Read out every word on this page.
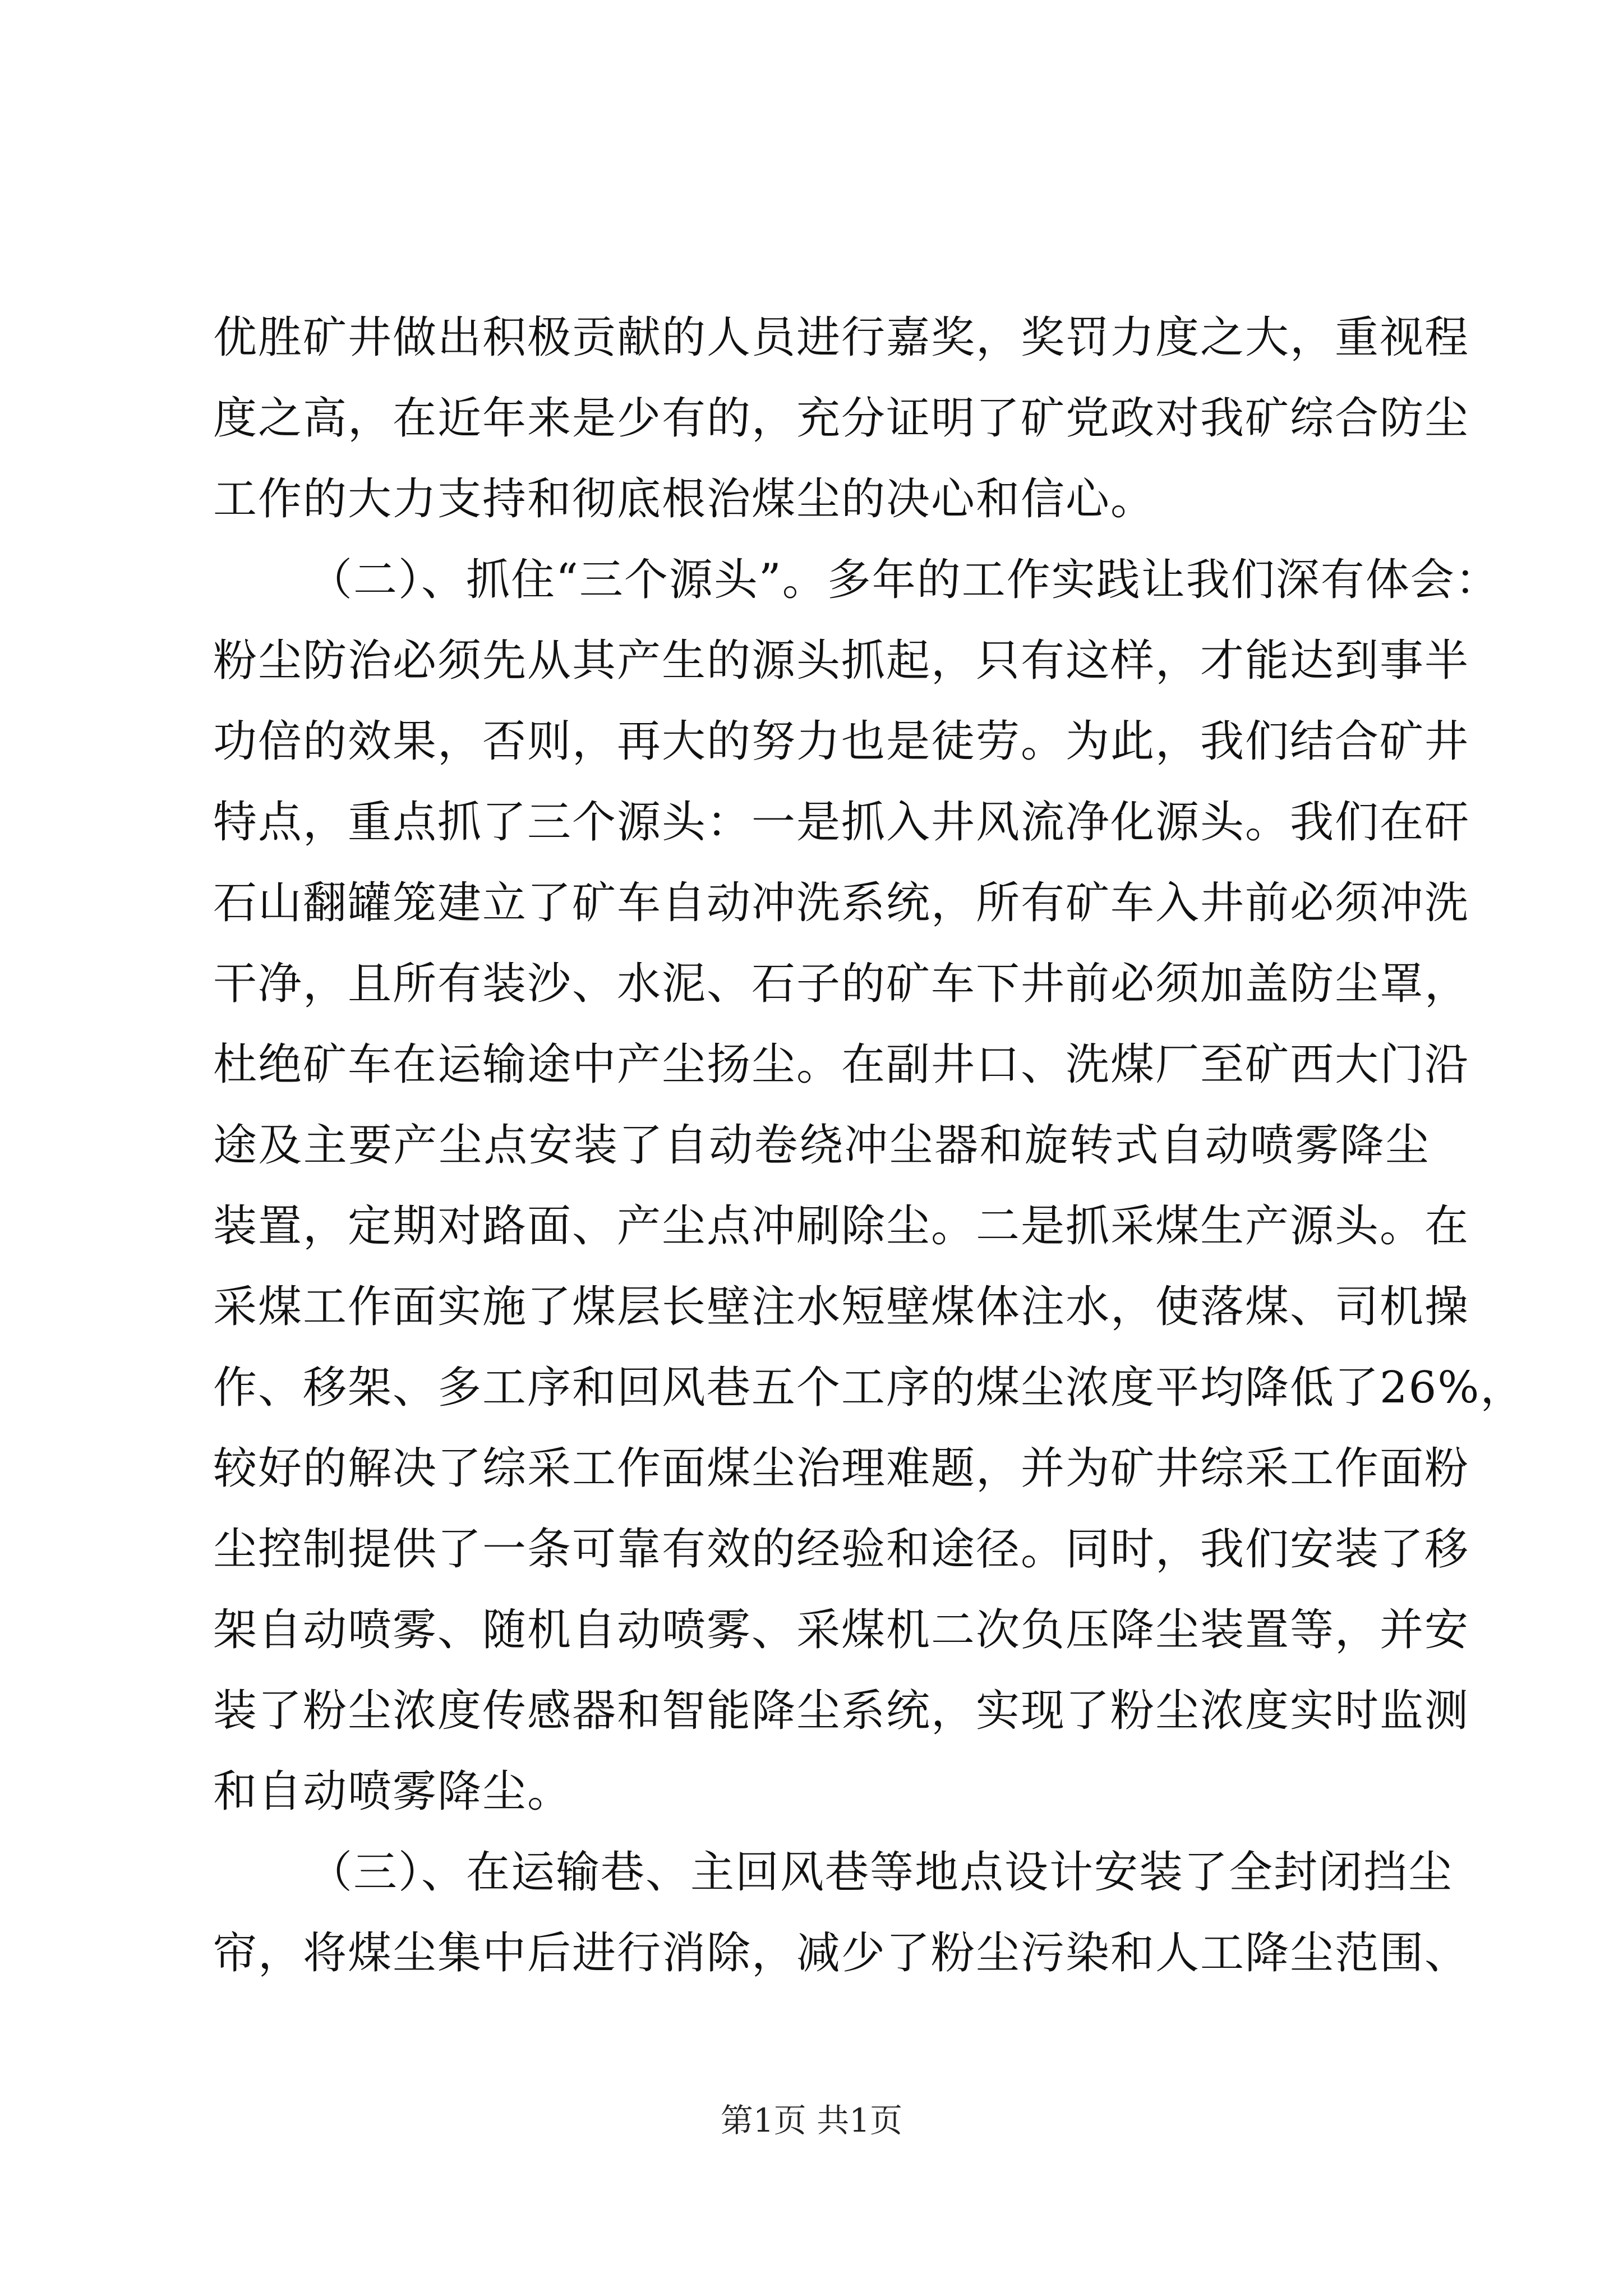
优胜矿井做出积极贡献的人员进行嘉奖，奖罚力度之大，重视程
度之高，在近年来是少有的，充分证明了矿党政对我矿综合防尘
工作的大力支持和彻底根治煤尘的决心和信心。
（二）、抓住“三个源头”。多年的工作实践让我们深有体会：
粉尘防治必须先从其产生的源头抓起，只有这样，才能达到事半
功倍的效果，否则，再大的努力也是徒劳。为此，我们结合矿井
特点，重点抓了三个源头：一是抓入井风流净化源头。我们在矸
石山翻罐笼建立了矿车自动冲洗系统，所有矿车入井前必须冲洗
干净，且所有装沙、水泥、石子的矿车下井前必须加盖防尘罩，
杜绝矿车在运输途中产尘扬尘。在副井口、洗煤厂至矿西大门沿
途及主要产尘点安装了自动卷绕冲尘器和旋转式自动喷雾降尘
装置，定期对路面、产尘点冲刷除尘。二是抓采煤生产源头。在
采煤工作面实施了煤层长壁注水短壁煤体注水，使落煤、司机操
作、移架、多工序和回风巷五个工序的煤尘浓度平均降低了26%，
较好的解决了综采工作面煤尘治理难题，并为矿井综采工作面粉
尘控制提供了一条可靠有效的经验和途径。同时，我们安装了移
架自动喷雾、随机自动喷雾、采煤机二次负压降尘装置等，并安
装了粉尘浓度传感器和智能降尘系统，实现了粉尘浓度实时监测
和自动喷雾降尘。
（三）、在运输巷、主回风巷等地点设计安装了全封闭挡尘
帘，将煤尘集中后进行消除，减少了粉尘污染和人工降尘范围、
第1页 共1页
